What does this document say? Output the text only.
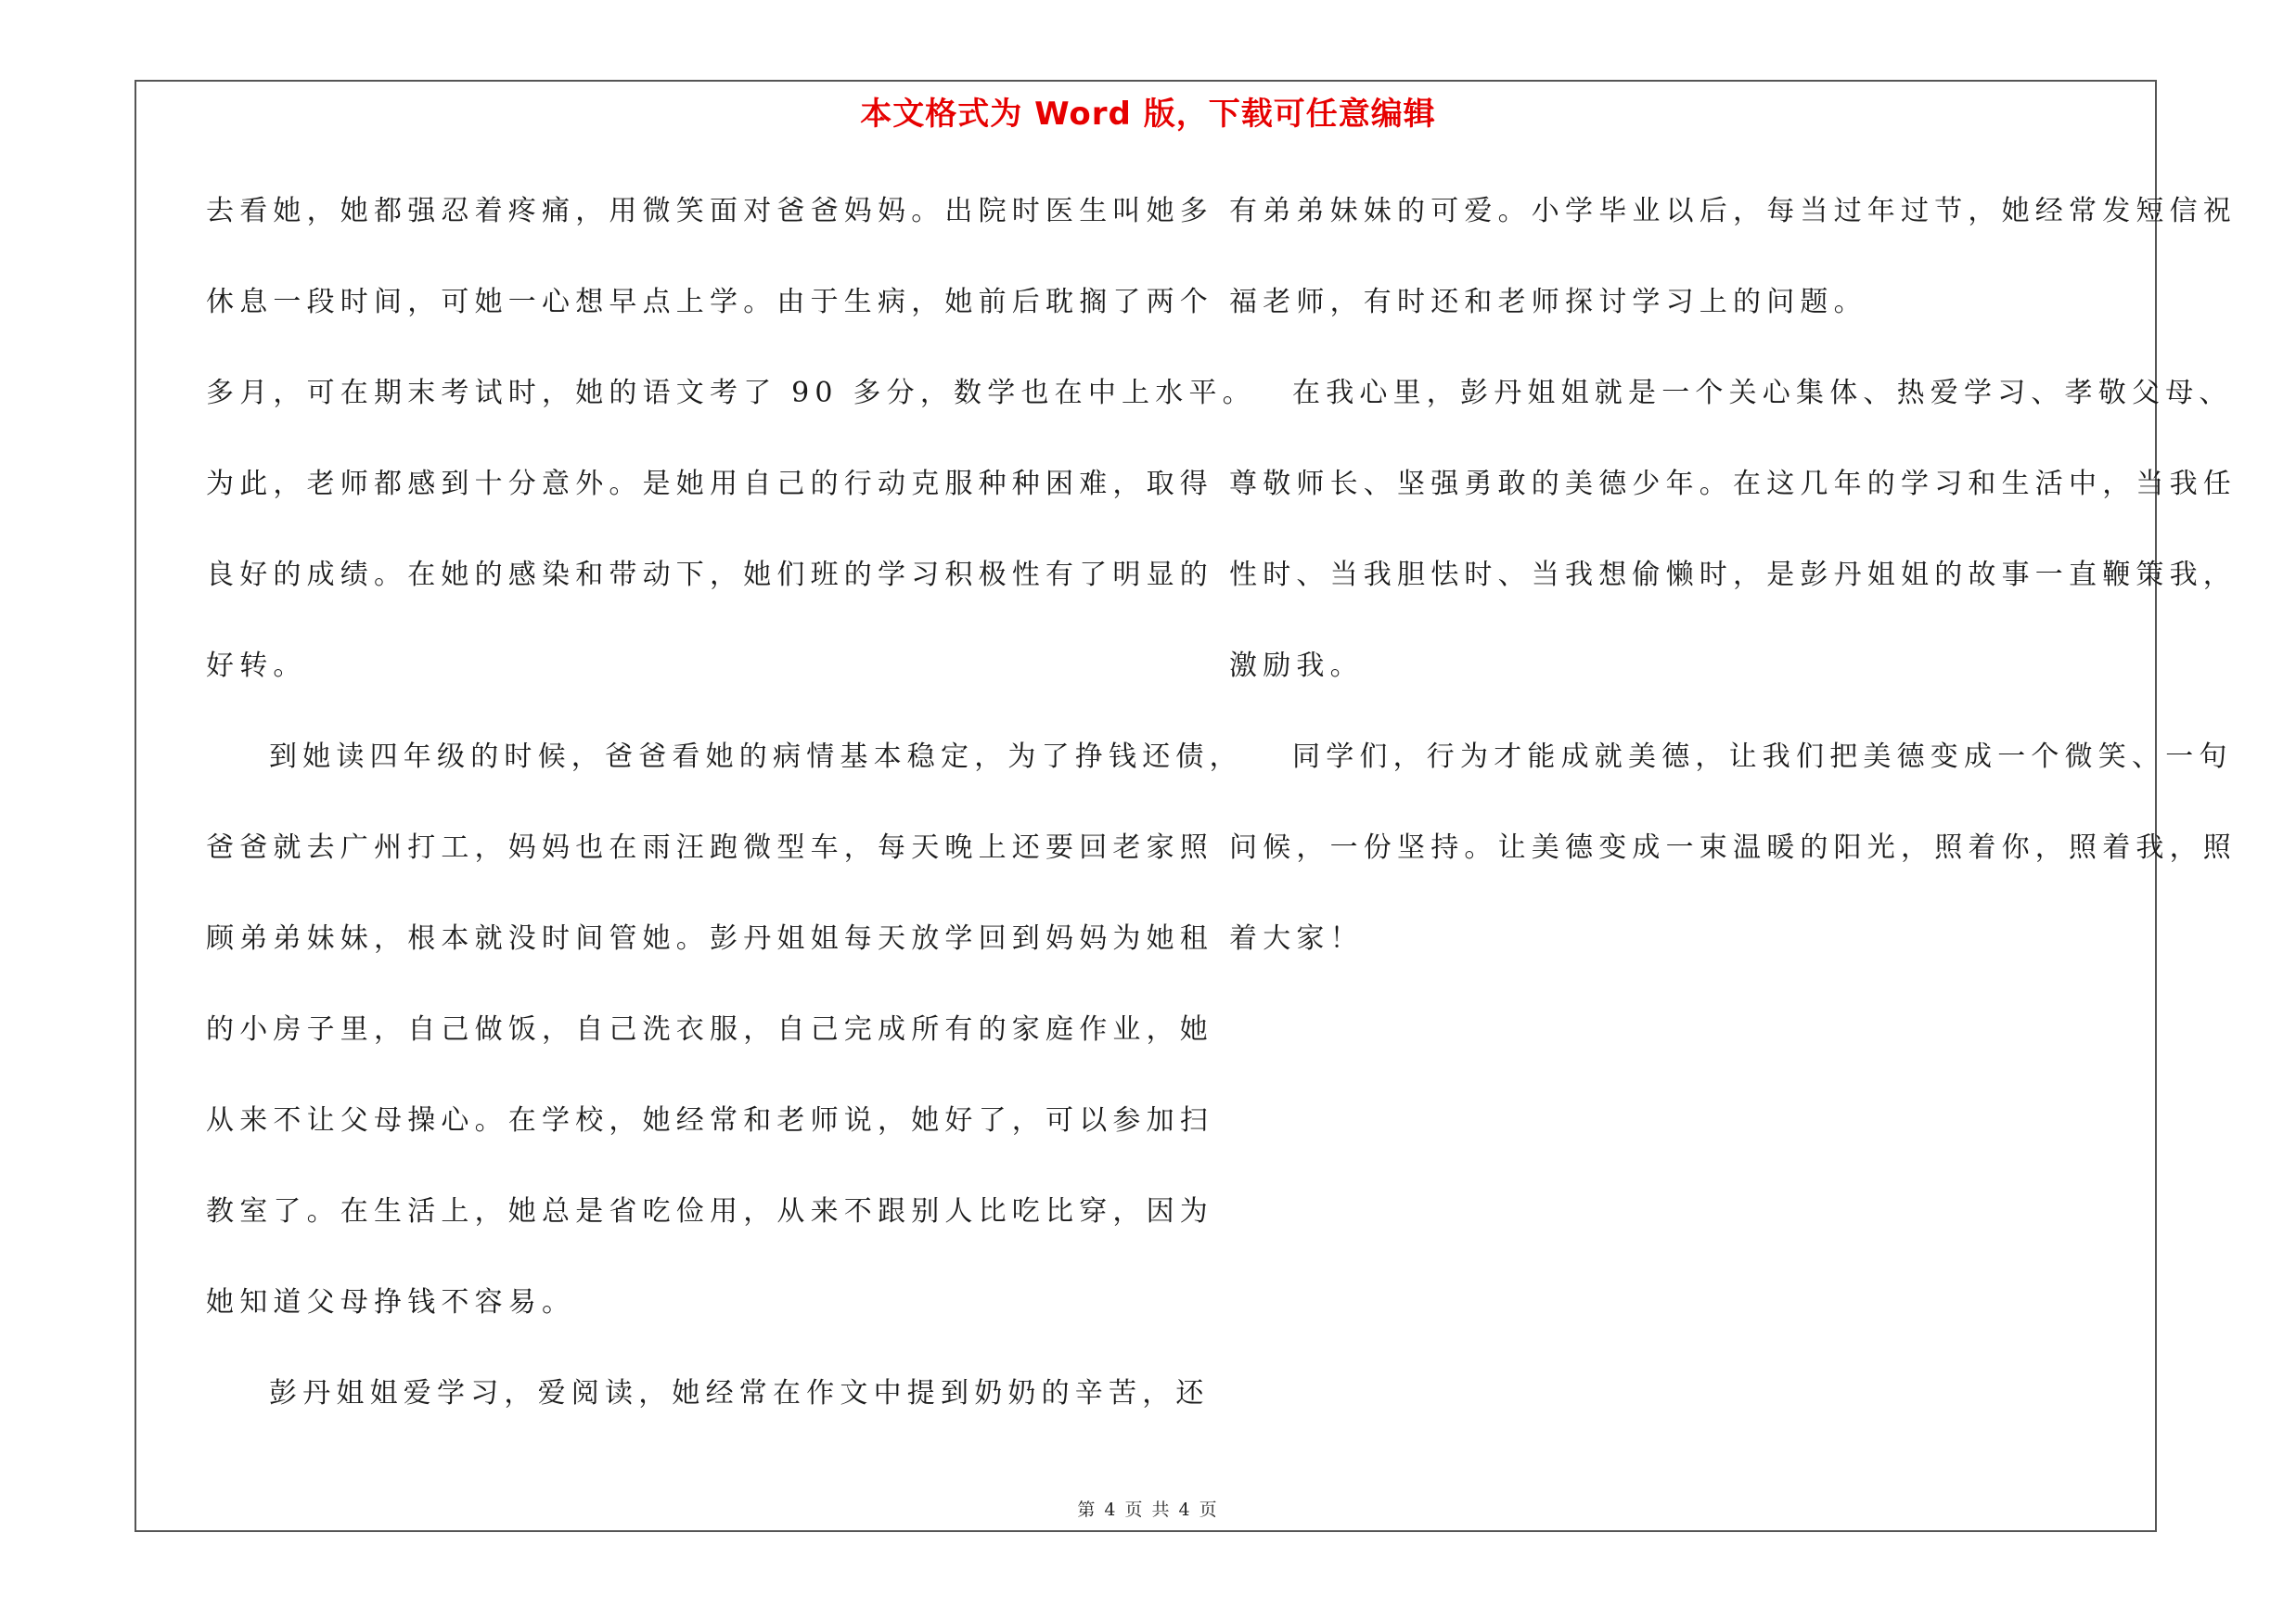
本文格式为 Word 版，下载可任意编辑

去看她，她都强忍着疼痛，用微笑面对爸爸妈妈。出院时医生叫她多
休息一段时间，可她一心想早点上学。由于生病，她前后耽搁了两个
多月，可在期末考试时，她的语文考了 90 多分，数学也在中上水平。
为此，老师都感到十分意外。是她用自己的行动克服种种困难，取得
良好的成绩。在她的感染和带动下，她们班的学习积极性有了明显的
好转。

到她读四年级的时候，爸爸看她的病情基本稳定，为了挣钱还债，
爸爸就去广州打工，妈妈也在雨汪跑微型车，每天晚上还要回老家照
顾弟弟妹妹，根本就没时间管她。彭丹姐姐每天放学回到妈妈为她租
的小房子里，自己做饭，自己洗衣服，自己完成所有的家庭作业，她
从来不让父母操心。在学校，她经常和老师说，她好了，可以参加扫
教室了。在生活上，她总是省吃俭用，从来不跟别人比吃比穿，因为
她知道父母挣钱不容易。

彭丹姐姐爱学习，爱阅读，她经常在作文中提到奶奶的辛苦，还

有弟弟妹妹的可爱。小学毕业以后，每当过年过节，她经常发短信祝
福老师，有时还和老师探讨学习上的问题。

在我心里，彭丹姐姐就是一个关心集体、热爱学习、孝敬父母、
尊敬师长、坚强勇敢的美德少年。在这几年的学习和生活中，当我任
性时、当我胆怯时、当我想偷懒时，是彭丹姐姐的故事一直鞭策我，
激励我。

同学们，行为才能成就美德，让我们把美德变成一个微笑、一句
问候，一份坚持。让美德变成一束温暖的阳光，照着你，照着我，照
着大家！

第 4 页 共 4 页
